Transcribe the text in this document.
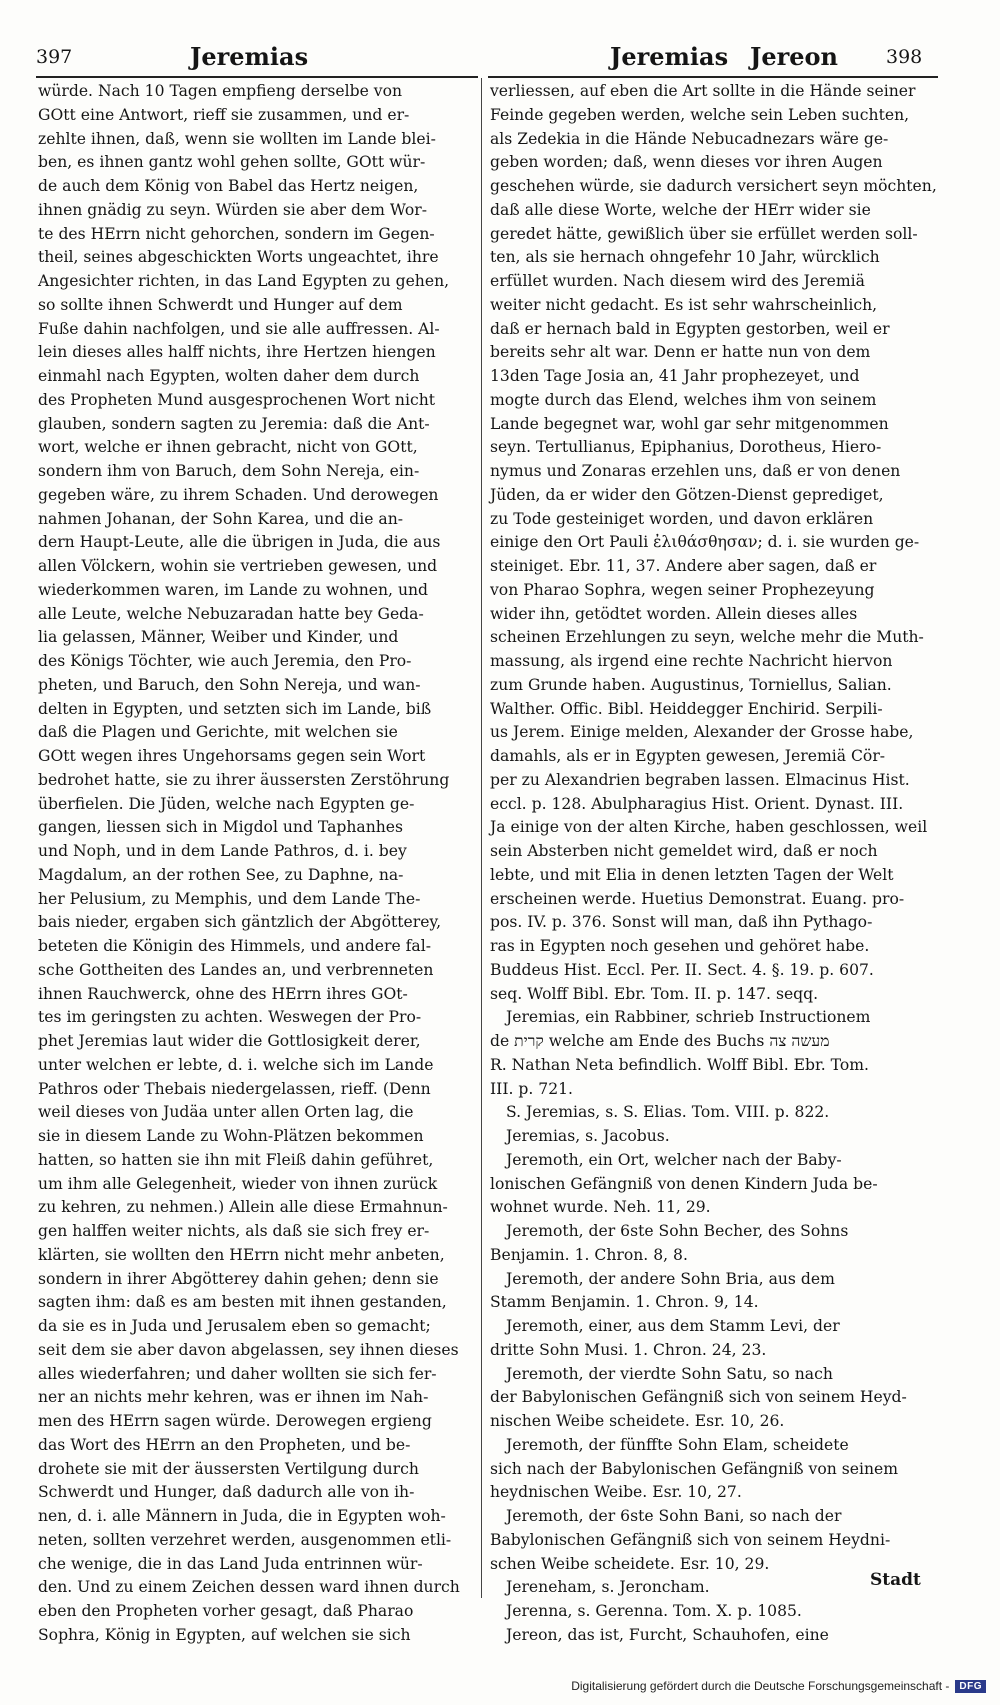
397	Jeremias	Jeremias Jereon	398
würde. Nach 10 Tagen empfieng derselbe von
GOtt eine Antwort, rieff sie zusammen, und er-
zehlte ihnen, daß, wenn sie wollten im Lande blei-
ben, es ihnen gantz wohl gehen sollte, GOtt wür-
de auch dem König von Babel das Hertz neigen,
ihnen gnädig zu seyn. Würden sie aber dem Wor-
te des HErrn nicht gehorchen, sondern im Gegen-
theil, seines abgeschickten Worts ungeachtet, ihre
Angesichter richten, in das Land Egypten zu gehen,
so sollte ihnen Schwerdt und Hunger auf dem
Fuße dahin nachfolgen, und sie alle auffressen. Al-
lein dieses alles halff nichts, ihre Hertzen hiengen
einmahl nach Egypten, wolten daher dem durch
des Propheten Mund ausgesprochenen Wort nicht
glauben, sondern sagten zu Jeremia: daß die Ant-
wort, welche er ihnen gebracht, nicht von GOtt,
sondern ihm von Baruch, dem Sohn Nereja, ein-
gegeben wäre, zu ihrem Schaden. Und derowegen
nahmen Johanan, der Sohn Karea, und die an-
dern Haupt-Leute, alle die übrigen in Juda, die aus
allen Völckern, wohin sie vertrieben gewesen, und
wiederkommen waren, im Lande zu wohnen, und
alle Leute, welche Nebuzaradan hatte bey Geda-
lia gelassen, Männer, Weiber und Kinder, und
des Königs Töchter, wie auch Jeremia, den Pro-
pheten, und Baruch, den Sohn Nereja, und wan-
delten in Egypten, und setzten sich im Lande, biß
daß die Plagen und Gerichte, mit welchen sie
GOtt wegen ihres Ungehorsams gegen sein Wort
bedrohet hatte, sie zu ihrer äussersten Zerstöhrung
überfielen. Die Jüden, welche nach Egypten ge-
gangen, liessen sich in Migdol und Taphanhes
und Noph, und in dem Lande Pathros, d. i. bey
Magdalum, an der rothen See, zu Daphne, na-
her Pelusium, zu Memphis, und dem Lande The-
bais nieder, ergaben sich gäntzlich der Abgötterey,
beteten die Königin des Himmels, und andere fal-
sche Gottheiten des Landes an, und verbrenneten
ihnen Rauchwerck, ohne des HErrn ihres GOt-
tes im geringsten zu achten. Weswegen der Pro-
phet Jeremias laut wider die Gottlosigkeit derer,
unter welchen er lebte, d. i. welche sich im Lande
Pathros oder Thebais niedergelassen, rieff. (Denn
weil dieses von Judäa unter allen Orten lag, die
sie in diesem Lande zu Wohn-Plätzen bekommen
hatten, so hatten sie ihn mit Fleiß dahin geführet,
um ihm alle Gelegenheit, wieder von ihnen zurück
zu kehren, zu nehmen.) Allein alle diese Ermahnun-
gen halffen weiter nichts, als daß sie sich frey er-
klärten, sie wollten den HErrn nicht mehr anbeten,
sondern in ihrer Abgötterey dahin gehen; denn sie
sagten ihm: daß es am besten mit ihnen gestanden,
da sie es in Juda und Jerusalem eben so gemacht;
seit dem sie aber davon abgelassen, sey ihnen dieses
alles wiederfahren; und daher wollten sie sich fer-
ner an nichts mehr kehren, was er ihnen im Nah-
men des HErrn sagen würde. Derowegen ergieng
das Wort des HErrn an den Propheten, und be-
drohete sie mit der äussersten Vertilgung durch
Schwerdt und Hunger, daß dadurch alle von ih-
nen, d. i. alle Männern in Juda, die in Egypten woh-
neten, sollten verzehret werden, ausgenommen etli-
che wenige, die in das Land Juda entrinnen wür-
den. Und zu einem Zeichen dessen ward ihnen durch
eben den Propheten vorher gesagt, daß Pharao
Sophra, König in Egypten, auf welchen sie sich
verliessen, auf eben die Art sollte in die Hände seiner
Feinde gegeben werden, welche sein Leben suchten,
als Zedekia in die Hände Nebucadnezars wäre ge-
geben worden; daß, wenn dieses vor ihren Augen
geschehen würde, sie dadurch versichert seyn möchten,
daß alle diese Worte, welche der HErr wider sie
geredet hätte, gewißlich über sie erfüllet werden soll-
ten, als sie hernach ohngefehr 10 Jahr, würcklich
erfüllet wurden. Nach diesem wird des Jeremiä
weiter nicht gedacht. Es ist sehr wahrscheinlich,
daß er hernach bald in Egypten gestorben, weil er
bereits sehr alt war. Denn er hatte nun von dem
13den Tage Josia an, 41 Jahr prophezeyet, und
mogte durch das Elend, welches ihm von seinem
Lande begegnet war, wohl gar sehr mitgenommen
seyn. Tertullianus, Epiphanius, Dorotheus, Hiero-
nymus und Zonaras erzehlen uns, daß er von denen
Jüden, da er wider den Götzen-Dienst geprediget,
zu Tode gesteiniget worden, und davon erklären
einige den Ort Pauli ἐλιθάσθησαν; d. i. sie wurden ge-
steiniget. Ebr. 11, 37. Andere aber sagen, daß er
von Pharao Sophra, wegen seiner Prophezeyung
wider ihn, getödtet worden. Allein dieses alles
scheinen Erzehlungen zu seyn, welche mehr die Muth-
massung, als irgend eine rechte Nachricht hiervon
zum Grunde haben. Augustinus, Torniellus, Salian.
Walther. Offic. Bibl. Heiddegger Enchirid. Serpili-
us Jerem. Einige melden, Alexander der Grosse habe,
damahls, als er in Egypten gewesen, Jeremiä Cör-
per zu Alexandrien begraben lassen. Elmacinus Hist.
eccl. p. 128. Abulpharagius Hist. Orient. Dynast. III.
Ja einige von der alten Kirche, haben geschlossen, weil
sein Absterben nicht gemeldet wird, daß er noch
lebte, und mit Elia in denen letzten Tagen der Welt
erscheinen werde. Huetius Demonstrat. Euang. pro-
pos. IV. p. 376. Sonst will man, daß ihn Pythago-
ras in Egypten noch gesehen und gehöret habe.
Buddeus Hist. Eccl. Per. II. Sect. 4. §. 19. p. 607.
seq. Wolff Bibl. Ebr. Tom. II. p. 147. seqq.
Jeremias, ein Rabbiner, schrieb Instructionem
de קרית welche am Ende des Buchs מעשה צה
R. Nathan Neta befindlich. Wolff Bibl. Ebr. Tom.
III. p. 721.
S. Jeremias, s. S. Elias. Tom. VIII. p. 822.
Jeremias, s. Jacobus.
Jeremoth, ein Ort, welcher nach der Baby-
lonischen Gefängniß von denen Kindern Juda be-
wohnet wurde. Neh. 11, 29.
Jeremoth, der 6ste Sohn Becher, des Sohns
Benjamin. 1. Chron. 8, 8.
Jeremoth, der andere Sohn Bria, aus dem
Stamm Benjamin. 1. Chron. 9, 14.
Jeremoth, einer, aus dem Stamm Levi, der
dritte Sohn Musi. 1. Chron. 24, 23.
Jeremoth, der vierdte Sohn Satu, so nach
der Babylonischen Gefängniß sich von seinem Heyd-
nischen Weibe scheidete. Esr. 10, 26.
Jeremoth, der fünffte Sohn Elam, scheidete
sich nach der Babylonischen Gefängniß von seinem
heydnischen Weibe. Esr. 10, 27.
Jeremoth, der 6ste Sohn Bani, so nach der
Babylonischen Gefängniß sich von seinem Heydni-
schen Weibe scheidete. Esr. 10, 29.
Jereneham, s. Jeroncham.
Jerenna, s. Gerenna. Tom. X. p. 1085.
Jereon, das ist, Furcht, Schauhofen, eine
Stadt
Digitalisierung gefördert durch die Deutsche Forschungsgemeinschaft -	DFG
